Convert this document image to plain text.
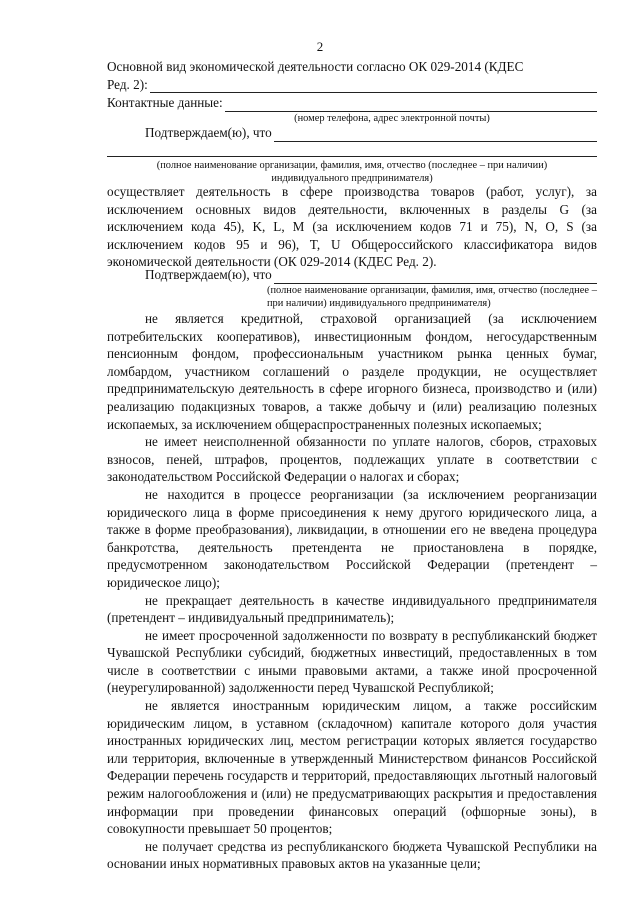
2

Основной вид экономической деятельности согласно ОК 029-2014 (КДЕС

Ред. 2):
Контактные данные:
(номер телефона, адрес электронной почты)
Подтверждаем(ю), что
(полное наименование организации, фамилия, имя, отчество (последнее – при наличии) индивидуального предпринимателя)

осуществляет деятельность в сфере производства товаров (работ, услуг), за исключением основных видов деятельности, включенных в разделы G (за исключением кода 45), K, L, M (за исключением кодов 71 и 75), N, O, S (за исключением кодов 95 и 96), T, U Общероссийского классификатора видов экономической деятельности (ОК 029-2014 (КДЕС Ред. 2).

Подтверждаем(ю), что
(полное наименование организации, фамилия, имя, отчество (последнее – при наличии) индивидуального предпринимателя)

не является кредитной, страховой организацией (за исключением потребительских кооперативов), инвестиционным фондом, негосударственным пенсионным фондом, профессиональным участником рынка ценных бумаг, ломбардом, участником соглашений о разделе продукции, не осуществляет предпринимательскую деятельность в сфере игорного бизнеса, производство и (или) реализацию подакцизных товаров, а также добычу и (или) реализацию полезных ископаемых, за исключением общераспространенных полезных ископаемых;

не имеет неисполненной обязанности по уплате налогов, сборов, страховых взносов, пеней, штрафов, процентов, подлежащих уплате в соответствии с законодательством Российской Федерации о налогах и сборах;

не находится в процессе реорганизации (за исключением реорганизации юридического лица в форме присоединения к нему другого юридического лица, а также в форме преобразования), ликвидации, в отношении его не введена процедура банкротства, деятельность претендента не приостановлена в порядке, предусмотренном законодательством Российской Федерации (претендент – юридическое лицо);

не прекращает деятельность в качестве индивидуального предпринимателя (претендент – индивидуальный предприниматель);

не имеет просроченной задолженности по возврату в республиканский бюджет Чувашской Республики субсидий, бюджетных инвестиций, предоставленных в том числе в соответствии с иными правовыми актами, а также иной просроченной (неурегулированной) задолженности перед Чувашской Республикой;

не является иностранным юридическим лицом, а также российским юридическим лицом, в уставном (складочном) капитале которого доля участия иностранных юридических лиц, местом регистрации которых является государство или территория, включенные в утвержденный Министерством финансов Российской Федерации перечень государств и территорий, предоставляющих льготный налоговый режим налогообложения и (или) не предусматривающих раскрытия и предоставления информации при проведении финансовых операций (офшорные зоны), в совокупности превышает 50 процентов;

не получает средства из республиканского бюджета Чувашской Республики на основании иных нормативных правовых актов на указанные цели;
